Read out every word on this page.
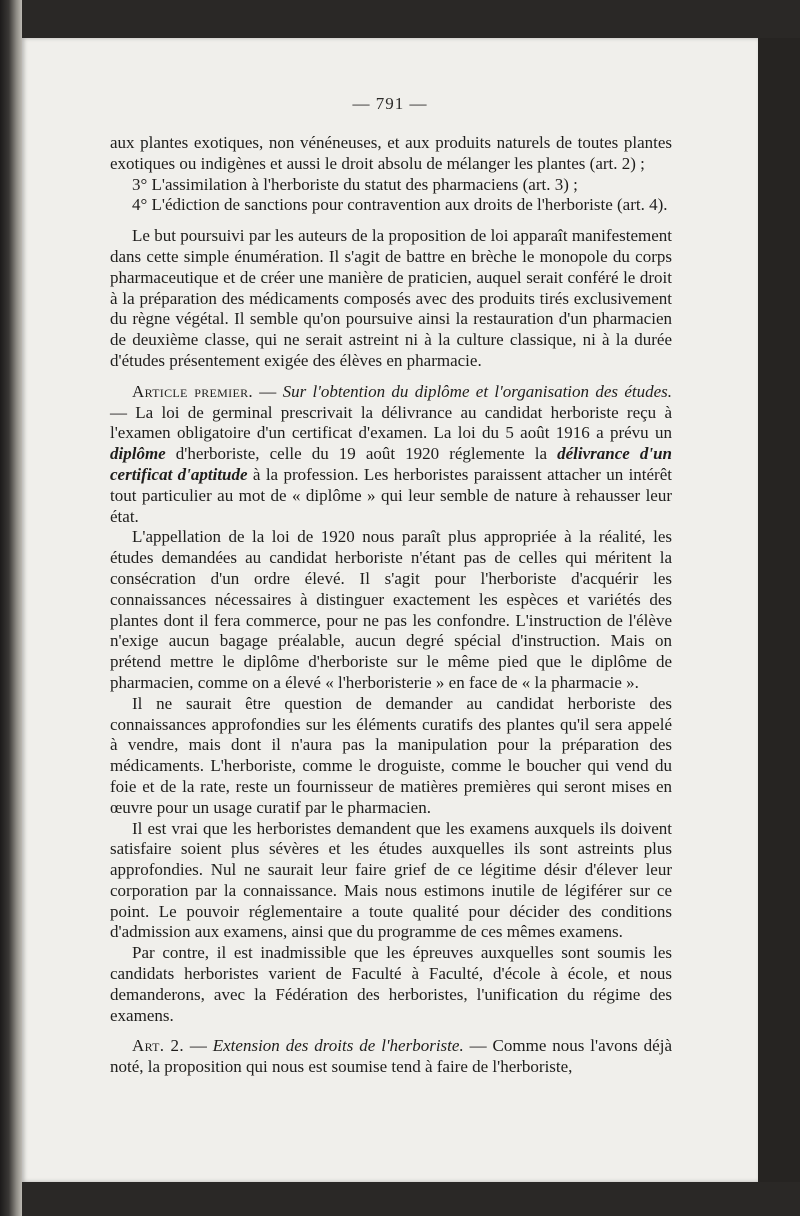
— 791 —

aux plantes exotiques, non vénéneuses, et aux produits naturels de toutes plantes exotiques ou indigènes et aussi le droit absolu de mélanger les plantes (art. 2) ;

3° L'assimilation à l'herboriste du statut des pharmaciens (art. 3) ;

4° L'édiction de sanctions pour contravention aux droits de l'herboriste (art. 4).

Le but poursuivi par les auteurs de la proposition de loi apparaît manifestement dans cette simple énumération. Il s'agit de battre en brèche le monopole du corps pharmaceutique et de créer une manière de praticien, auquel serait conféré le droit à la préparation des médicaments composés avec des produits tirés exclusivement du règne végétal. Il semble qu'on poursuive ainsi la restauration d'un pharmacien de deuxième classe, qui ne serait astreint ni à la culture classique, ni à la durée d'études présentement exigée des élèves en pharmacie.

Article premier. — Sur l'obtention du diplôme et l'organisation des études. — La loi de germinal prescrivait la délivrance au candidat herboriste reçu à l'examen obligatoire d'un certificat d'examen. La loi du 5 août 1916 a prévu un diplôme d'herboriste, celle du 19 août 1920 réglemente la délivrance d'un certificat d'aptitude à la profession. Les herboristes paraissent attacher un intérêt tout particulier au mot de « diplôme » qui leur semble de nature à rehausser leur état.

L'appellation de la loi de 1920 nous paraît plus appropriée à la réalité, les études demandées au candidat herboriste n'étant pas de celles qui méritent la consécration d'un ordre élevé. Il s'agit pour l'herboriste d'acquérir les connaissances nécessaires à distinguer exactement les espèces et variétés des plantes dont il fera commerce, pour ne pas les confondre. L'instruction de l'élève n'exige aucun bagage préalable, aucun degré spécial d'instruction. Mais on prétend mettre le diplôme d'herboriste sur le même pied que le diplôme de pharmacien, comme on a élevé « l'herboristerie » en face de « la pharmacie ».

Il ne saurait être question de demander au candidat herboriste des connaissances approfondies sur les éléments curatifs des plantes qu'il sera appelé à vendre, mais dont il n'aura pas la manipulation pour la préparation des médicaments. L'herboriste, comme le droguiste, comme le boucher qui vend du foie et de la rate, reste un fournisseur de matières premières qui seront mises en œuvre pour un usage curatif par le pharmacien.

Il est vrai que les herboristes demandent que les examens auxquels ils doivent satisfaire soient plus sévères et les études auxquelles ils sont astreints plus approfondies. Nul ne saurait leur faire grief de ce légitime désir d'élever leur corporation par la connaissance. Mais nous estimons inutile de légiférer sur ce point. Le pouvoir réglementaire a toute qualité pour décider des conditions d'admission aux examens, ainsi que du programme de ces mêmes examens.

Par contre, il est inadmissible que les épreuves auxquelles sont soumis les candidats herboristes varient de Faculté à Faculté, d'école à école, et nous demanderons, avec la Fédération des herboristes, l'unification du régime des examens.

Art. 2. — Extension des droits de l'herboriste. — Comme nous l'avons déjà noté, la proposition qui nous est soumise tend à faire de l'herboriste,
